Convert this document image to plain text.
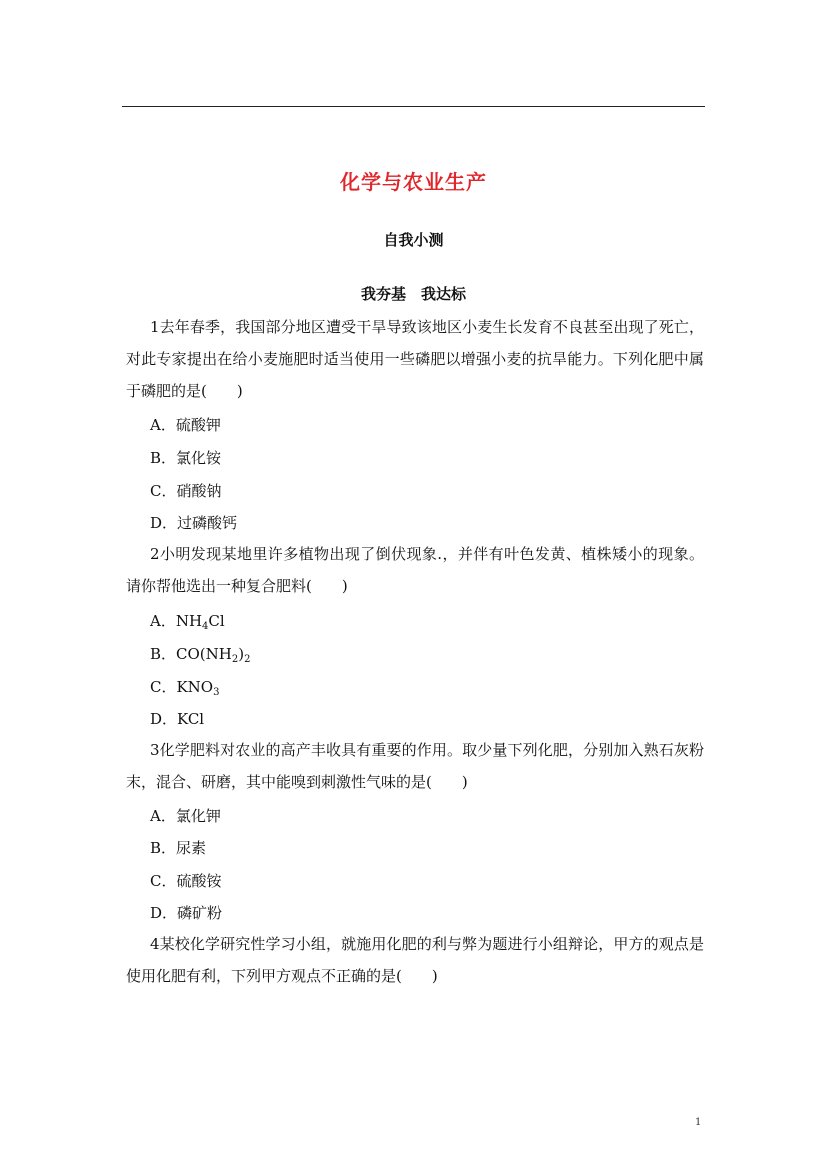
化学与农业生产
自我小测
我夯基　我达标
1去年春季，我国部分地区遭受干旱导致该地区小麦生长发育不良甚至出现了死亡，对此专家提出在给小麦施肥时适当使用一些磷肥以增强小麦的抗旱能力。下列化肥中属于磷肥的是(　　)
A．硫酸钾
B．氯化铵
C．硝酸钠
D．过磷酸钙
2小明发现某地里许多植物出现了倒伏现象.，并伴有叶色发黄、植株矮小的现象。请你帮他选出一种复合肥料(　　)
A．$NH_4Cl$
B．$CO(NH_2)_2$
C．$KNO_3$
D．KCl
3化学肥料对农业的高产丰收具有重要的作用。取少量下列化肥，分别加入熟石灰粉末，混合、研磨，其中能嗅到刺激性气味的是(　　)
A．氯化钾
B．尿素
C．硫酸铵
D．磷矿粉
4某校化学研究性学习小组，就施用化肥的利与弊为题进行小组辩论，甲方的观点是使用化肥有利，下列甲方观点不正确的是(　　)
1
